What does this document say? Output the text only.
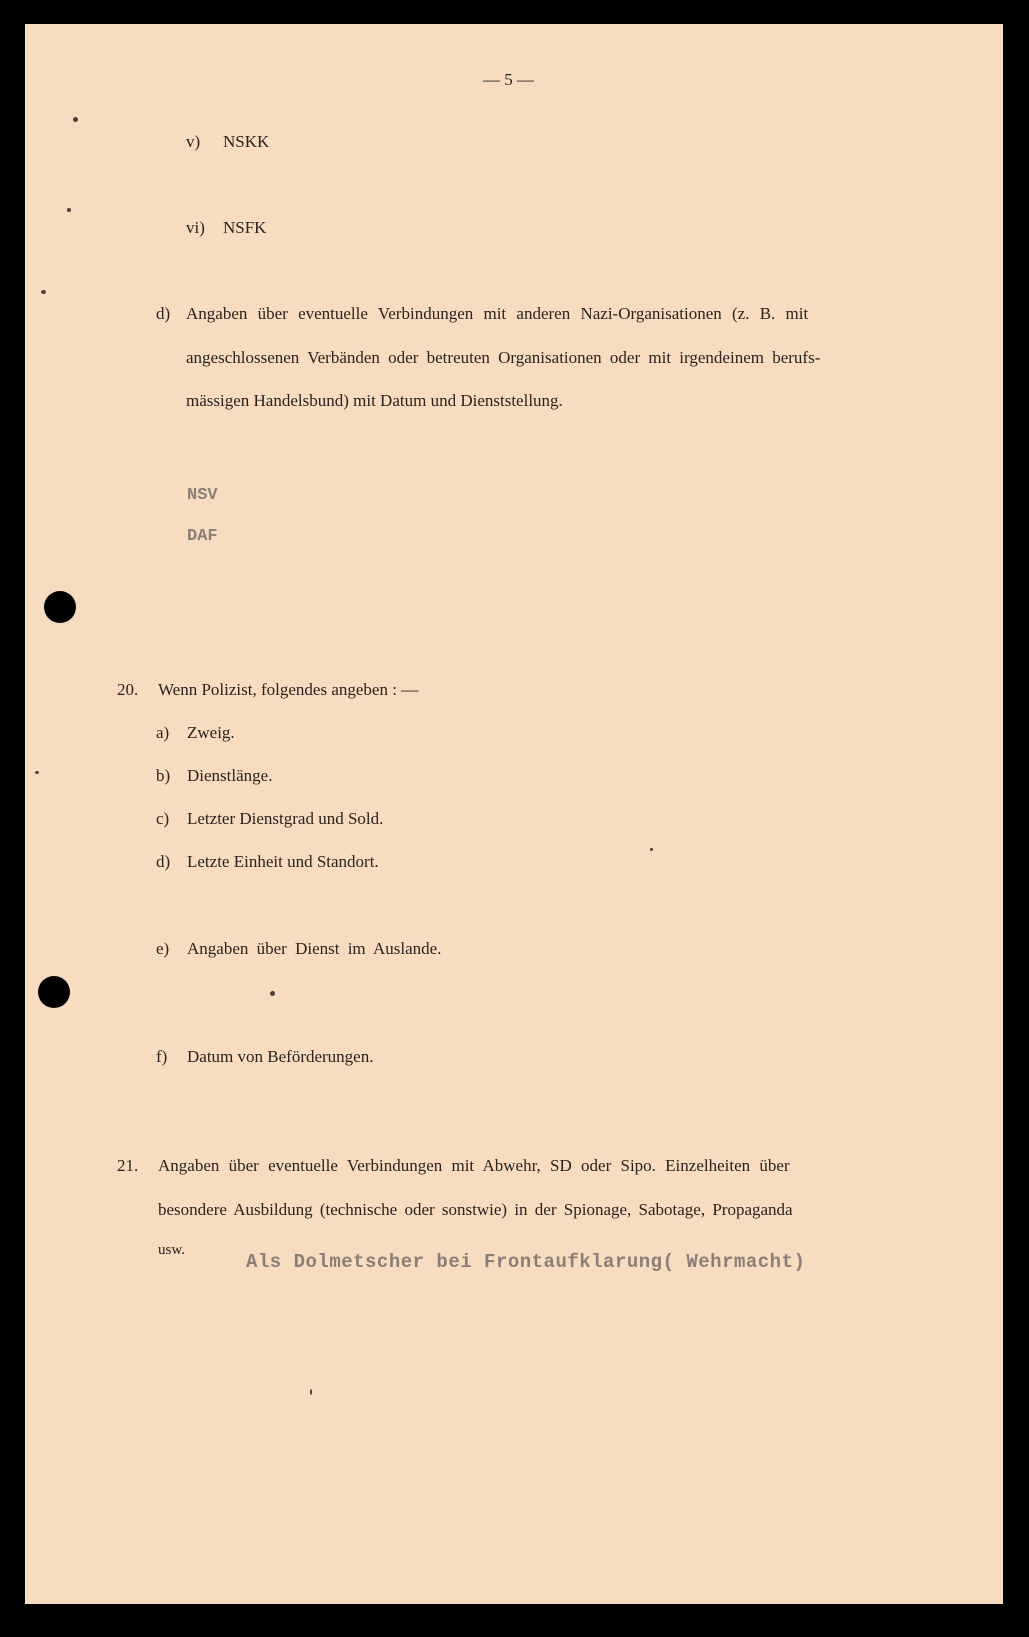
— 5 —
v) NSKK
vi) NSFK
d) Angaben über eventuelle Verbindungen mit anderen Nazi-Organisationen (z. B. mit
angeschlossenen Verbänden oder betreuten Organisationen oder mit irgendeinem berufs-
mässigen Handelsbund) mit Datum und Dienststellung.
NSV
DAF
20. Wenn Polizist, folgendes angeben : —
a) Zweig.
b) Dienstlänge.
c) Letzter Dienstgrad und Sold.
d) Letzte Einheit und Standort.
e) Angaben über Dienst im Auslande.
f) Datum von Beförderungen.
21. Angaben über eventuelle Verbindungen mit Abwehr, SD oder Sipo. Einzelheiten über
besondere Ausbildung (technische oder sonstwie) in der Spionage, Sabotage, Propaganda
usw.
Als Dolmetscher bei Frontaufklarung( Wehrmacht)
